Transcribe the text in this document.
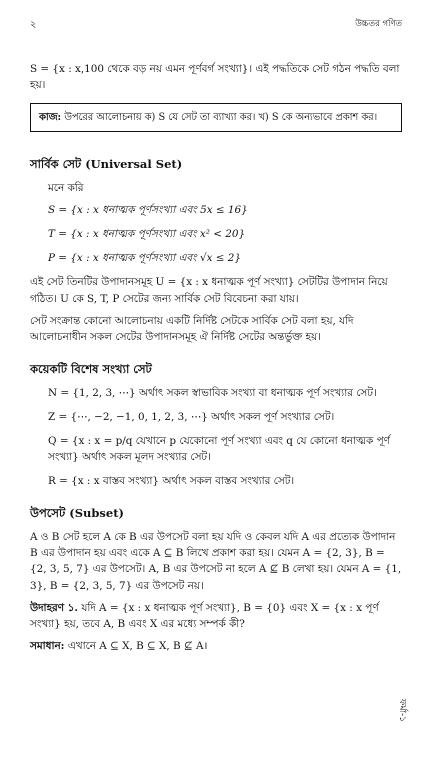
২	উচ্চতর গণিত

S = {x : x,100 থেকে বড় নয় এমন পূর্ণবর্গ সংখ্যা}। এই পদ্ধতিকে সেট গঠন পদ্ধতি বলা হয়।

কাজ: উপরের আলোচনায় ক) S যে সেট তা ব্যাখ্যা কর। খ) S কে অন্যভাবে প্রকাশ কর।
সার্বিক সেট (Universal Set)

মনে করি

S = {x : x ধনাত্মক পূর্ণসংখ্যা এবং 5x ≤ 16}

T = {x : x ধনাত্মক পূর্ণসংখ্যা এবং x² < 20}

P = {x : x ধনাত্মক পূর্ণসংখ্যা এবং √x ≤ 2}

এই সেট তিনটির উপাদানসমূহ U = {x : x ধনাত্মক পূর্ণ সংখ্যা} সেটটির উপাদান নিয়ে গঠিত। U কে S, T, P সেটের জন্য সার্বিক সেট বিবেচনা করা যায়।

সেট সংক্রান্ত কোনো আলোচনায় একটি নির্দিষ্ট সেটকে সার্বিক সেট বলা হয়, যদি আলোচনাধীন সকল সেটের উপাদানসমূহ ঐ নির্দিষ্ট সেটের অন্তর্ভুক্ত হয়।

কয়েকটি বিশেষ সংখ্যা সেট

N = {1, 2, 3, ⋯} অর্থাৎ সকল স্বাভাবিক সংখ্যা বা ধনাত্মক পূর্ণ সংখ্যার সেট।

Z = {⋯, −2, −1, 0, 1, 2, 3, ⋯} অর্থাৎ সকল পূর্ণ সংখ্যার সেট।

Q = {x : x = p/q যেখানে p যেকোনো পূর্ণ সংখ্যা এবং q যে কোনো ধনাত্মক পূর্ণ সংখ্যা} অর্থাৎ সকল মূলদ সংখ্যার সেট।

R = {x : x বাস্তব সংখ্যা} অর্থাৎ সকল বাস্তব সংখ্যার সেট।

উপসেট (Subset)

A ও B সেট হলে A কে B এর উপসেট বলা হয় যদি ও কেবল যদি A এর প্রত্যেক উপাদান B এর উপাদান হয় এবং একে A ⊆ B লিখে প্রকাশ করা হয়। যেমন A = {2, 3}, B = {2, 3, 5, 7} এর উপসেট। A, B এর উপসেট না হলে A ⊈ B লেখা হয়। যেমন A = {1, 3}, B = {2, 3, 5, 7} এর উপসেট নয়।

উদাহরণ ১. যদি A = {x : x ধনাত্মক পূর্ণ সংখ্যা}, B = {0} এবং X = {x : x পূর্ণ সংখ্যা} হয়, তবে A, B এবং X এর মধ্যে সম্পর্ক কী?

সমাধান: এখানে A ⊆ X, B ⊆ X, B ⊈ A।

ফর্মা-১
